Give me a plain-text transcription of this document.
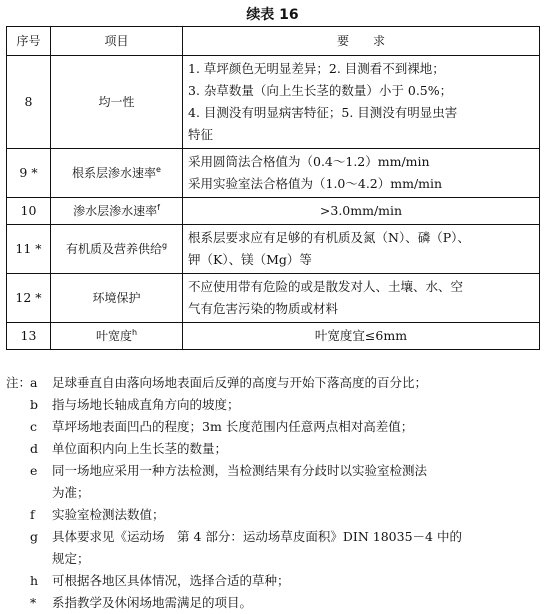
续表 16
序号	项目	要　　求
8	均一性	1. 草坪颜色无明显差异；2. 目测看不到裸地；
3. 杂草数量（向上生长茎的数量）小于 0.5%；
4. 目测没有明显病害特征；5. 目测没有明显虫害
特征

9 *	根系层渗水速率$^e$	采用圆筒法合格值为（0.4～1.2）mm/min
采用实验室法合格值为（1.0～4.2）mm/min

10	渗水层渗水速率$^f$	>3.0mm/min

11 *	有机质及营养供给$^g$	根系层要求应有足够的有机质及氮（N）、磷（P）、
钾（K）、镁（Mg）等

12 *	环境保护	不应使用带有危险的或是散发对人、土壤、水、空
气有危害污染的物质或材料

13	叶宽度$^h$	叶宽度宜≤6mm
注：
a	足球垂直自由落向场地表面后反弹的高度与开始下落高度的百分比；
b	指与场地长轴成直角方向的坡度；
c	草坪场地表面凹凸的程度；3m 长度范围内任意两点相对高差值；
d	单位面积内向上生长茎的数量；
e	同一场地应采用一种方法检测，当检测结果有分歧时以实验室检测法
为准；
f	实验室检测法数值；
g	具体要求见《运动场　第 4 部分：运动场草皮面积》DIN 18035－4 中的
规定；
h	可根据各地区具体情况，选择合适的草种；
*	系指教学及休闲场地需满足的项目。
